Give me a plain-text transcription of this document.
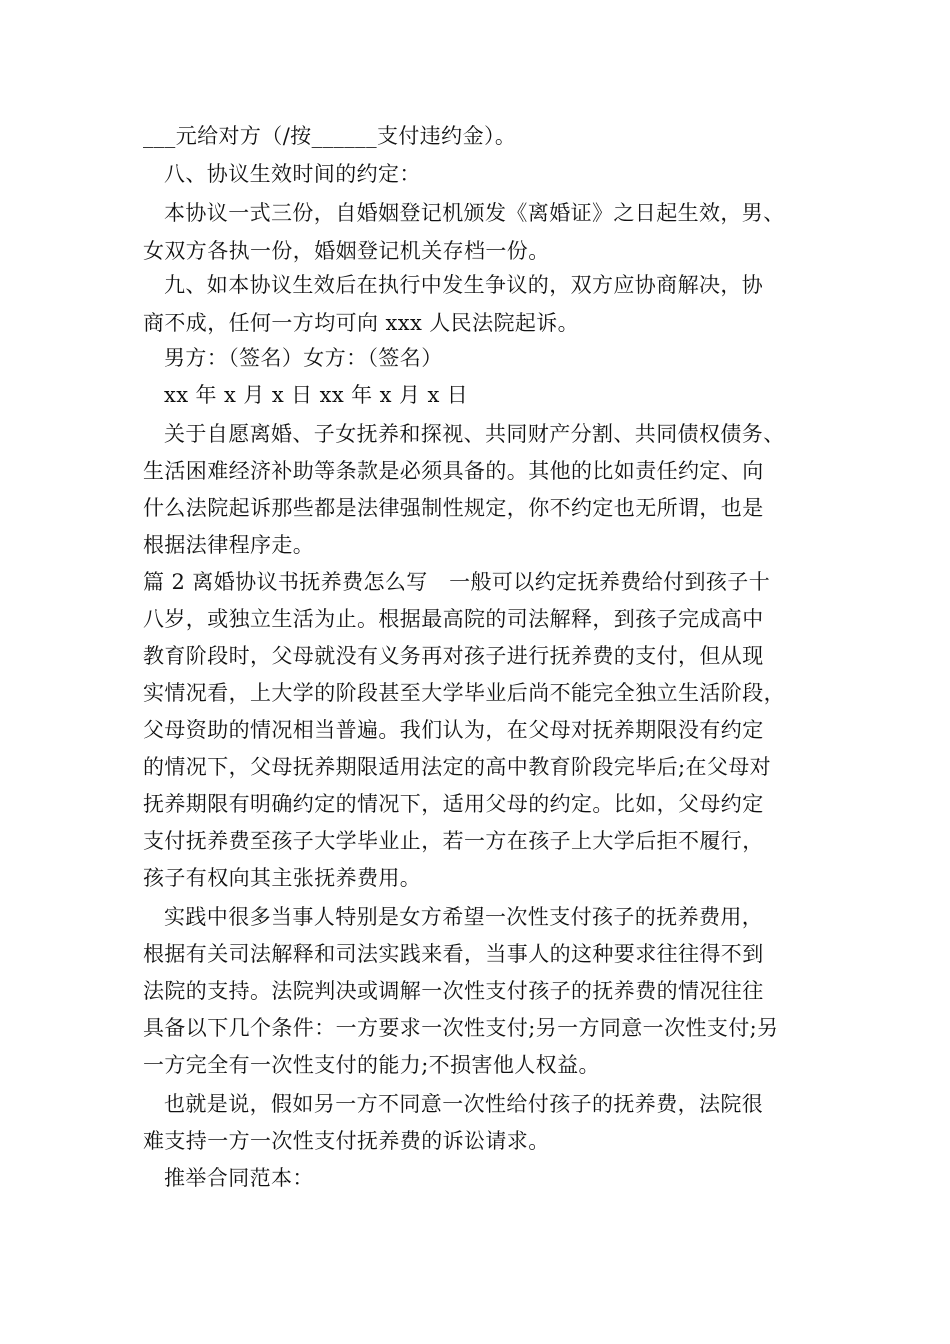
___元给对方（/按______支付违约金）。
八、协议生效时间的约定：
本协议一式三份，自婚姻登记机颁发《离婚证》之日起生效，男、
女双方各执一份，婚姻登记机关存档一份。
九、如本协议生效后在执行中发生争议的，双方应协商解决，协
商不成，任何一方均可向 xxx 人民法院起诉。
男方：（签名）女方：（签名）
xx 年 x 月 x 日 xx 年 x 月 x 日
关于自愿离婚、子女抚养和探视、共同财产分割、共同债权债务、
生活困难经济补助等条款是必须具备的。其他的比如责任约定、向
什么法院起诉那些都是法律强制性规定，你不约定也无所谓，也是
根据法律程序走。
篇 2 离婚协议书抚养费怎么写　一般可以约定抚养费给付到孩子十
八岁，或独立生活为止。根据最高院的司法解释，到孩子完成高中
教育阶段时，父母就没有义务再对孩子进行抚养费的支付，但从现
实情况看，上大学的阶段甚至大学毕业后尚不能完全独立生活阶段，
父母资助的情况相当普遍。我们认为，在父母对抚养期限没有约定
的情况下，父母抚养期限适用法定的高中教育阶段完毕后;在父母对
抚养期限有明确约定的情况下，适用父母的约定。比如，父母约定
支付抚养费至孩子大学毕业止，若一方在孩子上大学后拒不履行，
孩子有权向其主张抚养费用。
实践中很多当事人特别是女方希望一次性支付孩子的抚养费用，
根据有关司法解释和司法实践来看，当事人的这种要求往往得不到
法院的支持。法院判决或调解一次性支付孩子的抚养费的情况往往
具备以下几个条件：一方要求一次性支付;另一方同意一次性支付;另
一方完全有一次性支付的能力;不损害他人权益。
也就是说，假如另一方不同意一次性给付孩子的抚养费，法院很
难支持一方一次性支付抚养费的诉讼请求。
推举合同范本：
